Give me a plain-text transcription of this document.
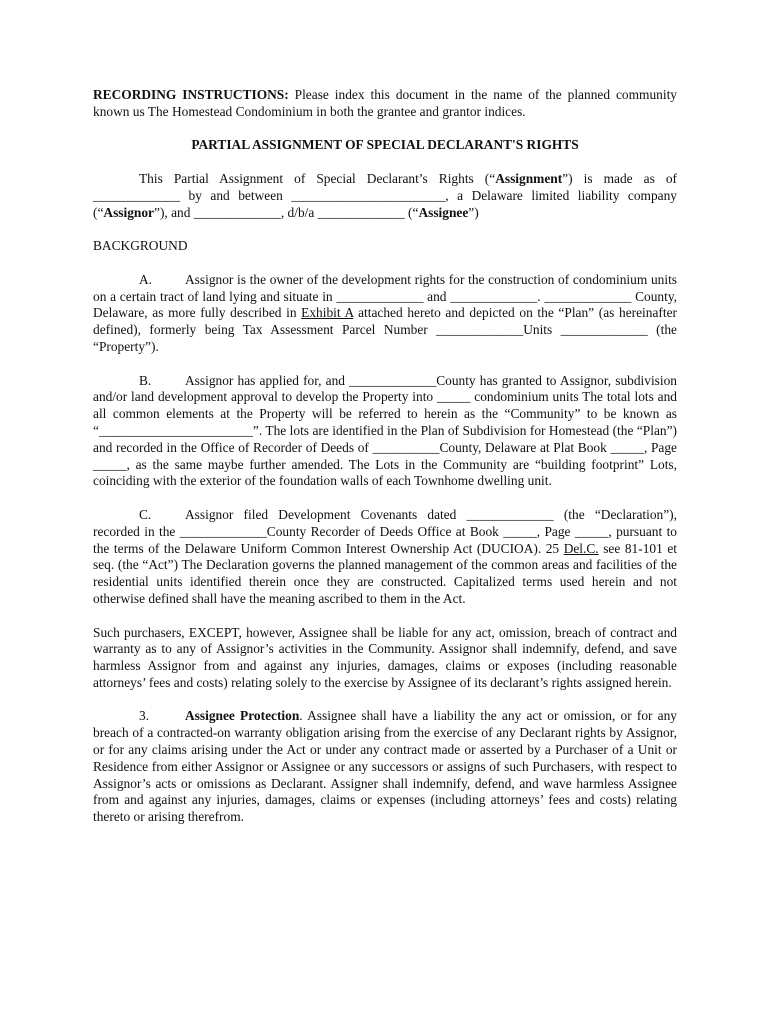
RECORDING INSTRUCTIONS: Please index this document in the name of the planned community known us The Homestead Condominium in both the grantee and grantor indices.

PARTIAL ASSIGNMENT OF SPECIAL DECLARANT'S RIGHTS

This Partial Assignment of Special Declarant’s Rights (“Assignment”) is made as of _____________ by and between _______________________, a Delaware limited liability company (“Assignor”), and _____________, d/b/a _____________ (“Assignee”)

BACKGROUND

A. Assignor is the owner of the development rights for the construction of condominium units on a certain tract of land lying and situate in _____________ and _____________. _____________ County, Delaware, as more fully described in Exhibit A attached hereto and depicted on the “Plan” (as hereinafter defined), formerly being Tax Assessment Parcel Number _____________Units _____________ (the “Property”).

B.	Assignor has applied for, and _____________County has granted to Assignor, subdivision and/or land development approval to develop the Property into _____ condominium units The total lots and all common elements at the Property will be referred to herein as the “Community” to be known as “_______________________”. The lots are identified in the Plan of Subdivision for Homestead (the “Plan”) and recorded in the Office of Recorder of Deeds of __________County, Delaware at Plat Book _____, Page _____, as the same maybe further amended. The Lots in the Community are “building footprint” Lots, coinciding with the exterior of the foundation walls of each Townhome dwelling unit.

C.	Assignor filed Development Covenants dated _____________ (the “Declaration”), recorded in the _____________County Recorder of Deeds Office at Book _____, Page _____, pursuant to the terms of the Delaware Uniform Common Interest Ownership Act (DUCIOA). 25 Del.C. see 81-101 et seq. (the “Act”) The Declaration governs the planned management of the common areas and facilities of the residential units identified therein once they are constructed. Capitalized terms used herein and not otherwise defined shall have the meaning ascribed to them in the Act.

Such purchasers, EXCEPT, however, Assignee shall be liable for any act, omission, breach of contract and warranty as to any of Assignor’s activities in the Community. Assignor shall indemnify, defend, and save harmless Assignor from and against any injuries, damages, claims or exposes (including reasonable attorneys’ fees and costs) relating solely to the exercise by Assignee of its declarant’s rights assigned herein.

3.	Assignee Protection. Assignee shall have a liability the any act or omission, or for any breach of a contracted-on warranty obligation arising from the exercise of any Declarant rights by Assignor, or for any claims arising under the Act or under any contract made or asserted by a Purchaser of a Unit or Residence from either Assignor or Assignee or any successors or assigns of such Purchasers, with respect to Assignor’s acts or omissions as Declarant. Assigner shall indemnify, defend, and wave harmless Assignee from and against any injuries, damages, claims or expenses (including attorneys’ fees and costs) relating thereto or arising therefrom.
